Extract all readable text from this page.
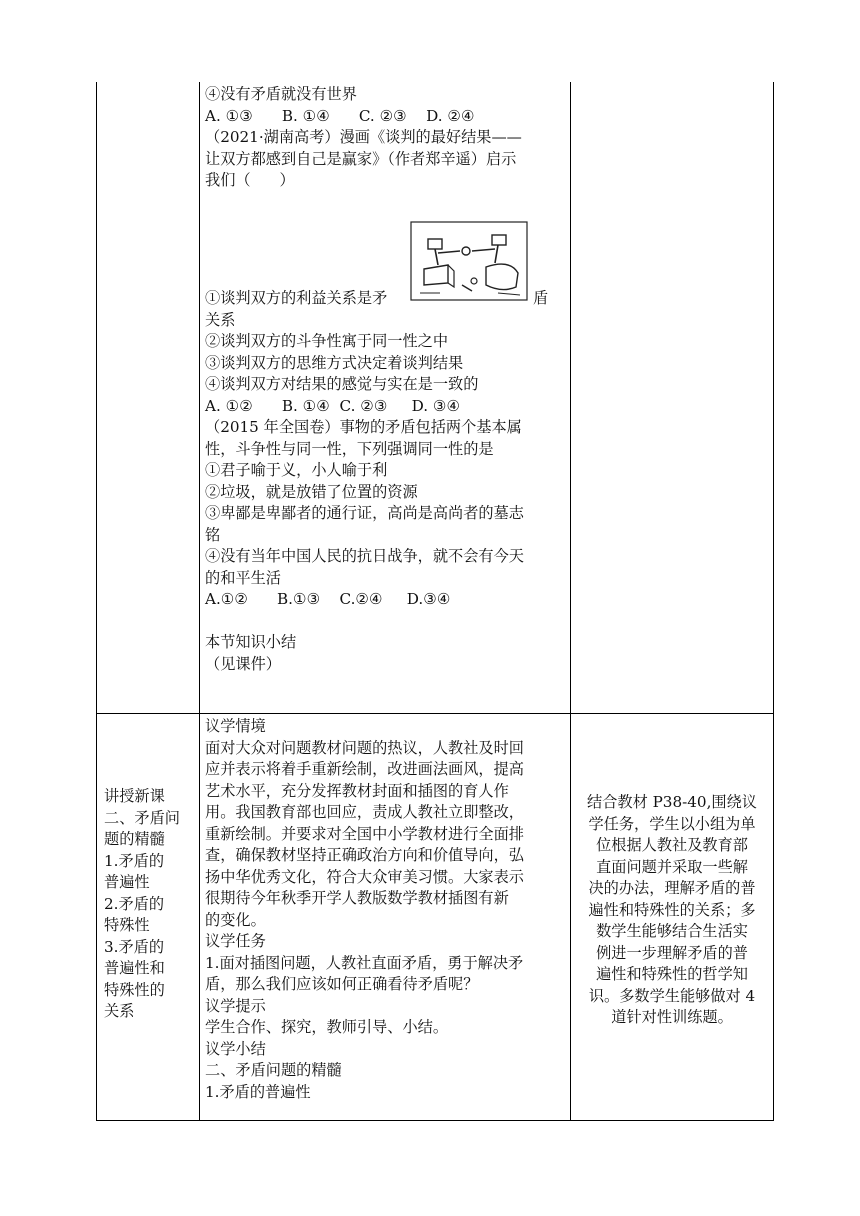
④没有矛盾就没有世界
A. ①③      B. ①④      C. ②③    D. ②④
（2021·湖南高考）漫画《谈判的最好结果——
让双方都感到自己是赢家》（作者郑辛遥）启示
我们（      ）
①谈判双方的利益关系是矛	盾
关系
②谈判双方的斗争性寓于同一性之中
③谈判双方的思维方式决定着谈判结果
④谈判双方对结果的感觉与实在是一致的
A. ①②      B. ①④  C. ②③     D. ③④
（2015 年全国卷）事物的矛盾包括两个基本属
性，斗争性与同一性，下列强调同一性的是
①君子喻于义，小人喻于利
②垃圾，就是放错了位置的资源
③卑鄙是卑鄙者的通行证，高尚是高尚者的墓志
铭
④没有当年中国人民的抗日战争，就不会有今天
的和平生活
A.①②      B.①③    C.②④     D.③④
本节知识小结
（见课件）
讲授新课
二、矛盾问
题的精髓
1.矛盾的
普遍性
2.矛盾的
特殊性
3.矛盾的
普遍性和
特殊性的
关系
议学情境
面对大众对问题教材问题的热议，人教社及时回
应并表示将着手重新绘制，改进画法画风，提高
艺术水平，充分发挥教材封面和插图的育人作
用。我国教育部也回应，责成人教社立即整改，
重新绘制。并要求对全国中小学教材进行全面排
查，确保教材坚持正确政治方向和价值导向，弘
扬中华优秀文化，符合大众审美习惯。大家表示
很期待今年秋季开学人教版数学教材插图有新
的变化。
议学任务
1.面对插图问题，人教社直面矛盾，勇于解决矛
盾，那么我们应该如何正确看待矛盾呢？
议学提示
学生合作、探究，教师引导、小结。
议学小结
二、矛盾问题的精髓
1.矛盾的普遍性
结合教材 P38-40,围绕议
学任务，学生以小组为单
位根据人教社及教育部
直面问题并采取一些解
决的办法，理解矛盾的普
遍性和特殊性的关系；多
数学生能够结合生活实
例进一步理解矛盾的普
遍性和特殊性的哲学知
识。多数学生能够做对 4
道针对性训练题。
